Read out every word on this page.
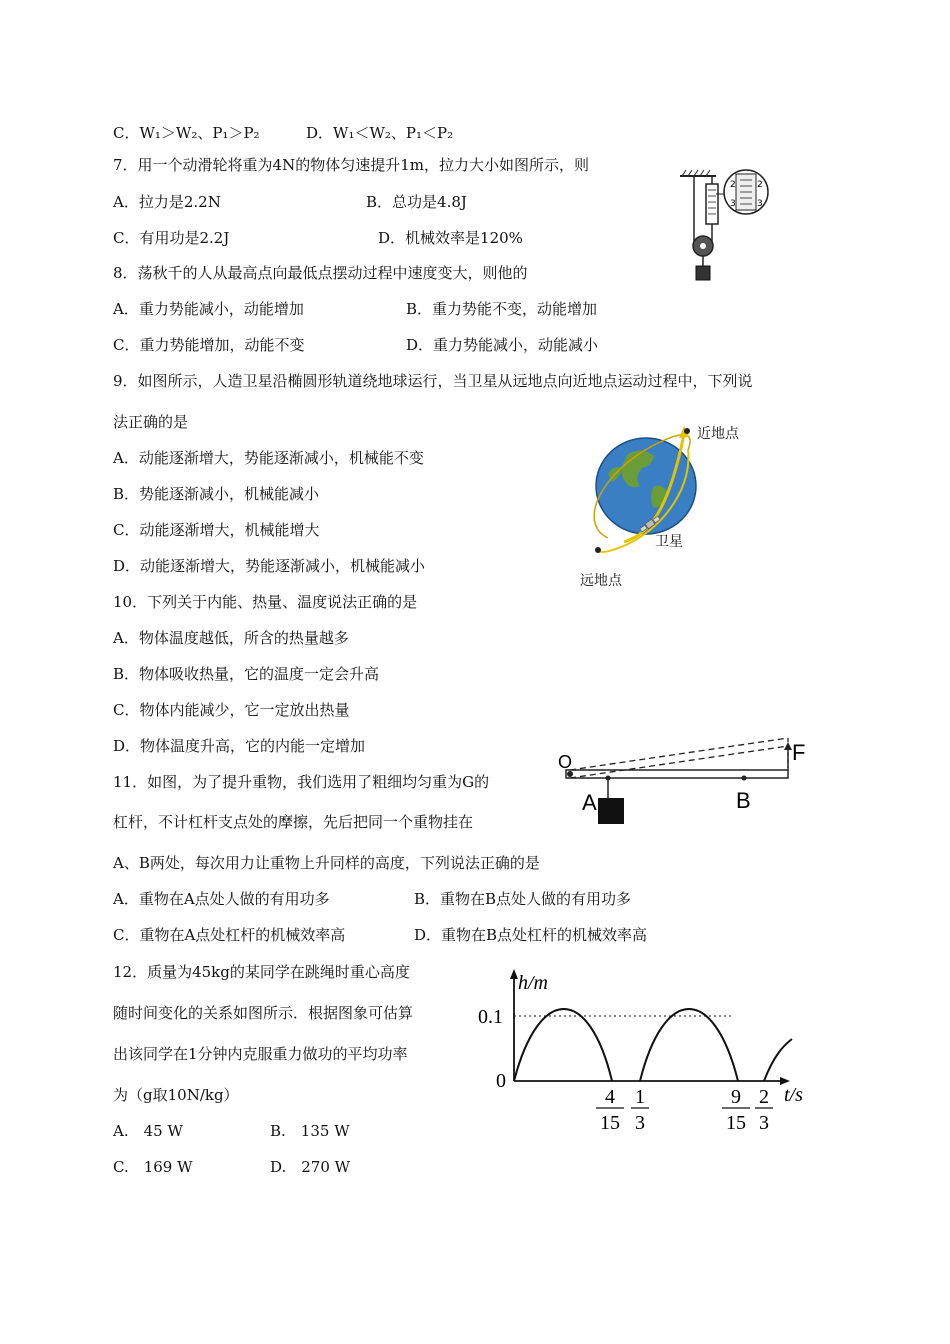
C．W₁＞W₂、P₁＞P₂	D．W₁＜W₂、P₁＜P₂
7．用一个动滑轮将重为4N的物体匀速提升1m，拉力大小如图所示，则
A．拉力是2.2N	B．总功是4.8J
C．有用功是2.2J	D．机械效率是120%
2
3
2
3
8．荡秋千的人从最高点向最低点摆动过程中速度变大，则他的
A．重力势能减小，动能增加	B．重力势能不变，动能增加
C．重力势能增加，动能不变	D．重力势能减小，动能减小
9．如图所示，人造卫星沿椭圆形轨道绕地球运行，当卫星从远地点向近地点运动过程中，下列说
法正确的是
A．动能逐渐增大，势能逐渐减小，机械能不变
B．势能逐渐减小，机械能减小
C．动能逐渐增大，机械能增大
D．动能逐渐增大，势能逐渐减小，机械能减小
近地点
卫星
远地点
10．下列关于内能、热量、温度说法正确的是
A．物体温度越低，所含的热量越多
B．物体吸收热量，它的温度一定会升高
C．物体内能减少，它一定放出热量
D．物体温度升高，它的内能一定增加
11．如图，为了提升重物，我们选用了粗细均匀重为G的
杠杆，不计杠杆支点处的摩擦，先后把同一个重物挂在
A、B两处，每次用力让重物上升同样的高度，下列说法正确的是
A．重物在A点处人做的有用功多	B．重物在B点处人做的有用功多
C．重物在A点处杠杆的机械效率高	D．重物在B点处杠杆的机械效率高
O	F
A	B
12．质量为45kg的某同学在跳绳时重心高度
随时间变化的关系如图所示．根据图象可估算
出该同学在1分钟内克服重力做功的平均功率
为（g取10N/kg）
A.　45 W	B.　135 W
C.　169 W	D.　270 W
h/m
0.1
0
t/s
4
15
1
3
9
15
2
3
